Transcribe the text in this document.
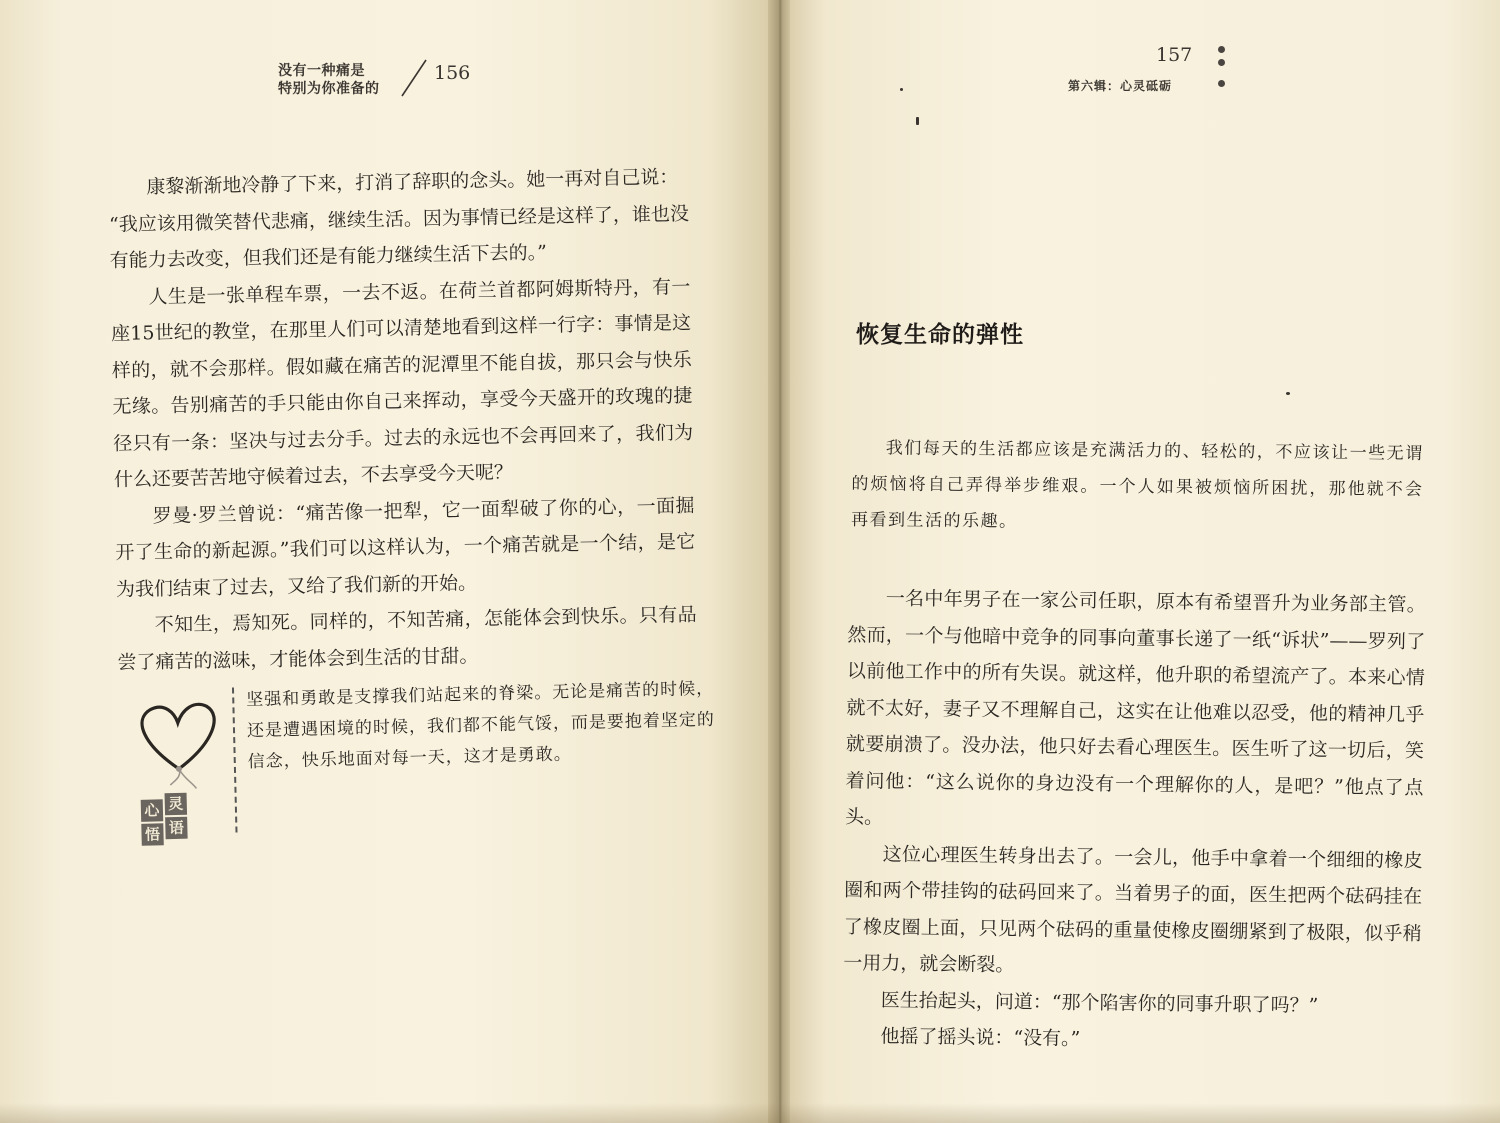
没有一种痛是
特别为你准备的
156

康黎渐渐地冷静了下来，打消了辞职的念头。她一再对自己说：

“我应该用微笑替代悲痛，继续生活。因为事情已经是这样了，谁也没有能力去改变，但我们还是有能力继续生活下去的。”

人生是一张单程车票，一去不返。在荷兰首都阿姆斯特丹，有一座15世纪的教堂，在那里人们可以清楚地看到这样一行字：事情是这样的，就不会那样。假如藏在痛苦的泥潭里不能自拔，那只会与快乐无缘。告别痛苦的手只能由你自己来挥动，享受今天盛开的玫瑰的捷径只有一条：坚决与过去分手。过去的永远也不会再回来了，我们为什么还要苦苦地守候着过去，不去享受今天呢？

罗曼·罗兰曾说：“痛苦像一把犁，它一面犁破了你的心，一面掘开了生命的新起源。”我们可以这样认为，一个痛苦就是一个结，是它为我们结束了过去，又给了我们新的开始。

不知生，焉知死。同样的，不知苦痛，怎能体会到快乐。只有品尝了痛苦的滋味，才能体会到生活的甘甜。

心 灵
悟 语
坚强和勇敢是支撑我们站起来的脊梁。无论是痛苦的时候，还是遭遇困境的时候，我们都不能气馁，而是要抱着坚定的信念，快乐地面对每一天，这才是勇敢。
157
第六辑：心灵砥砺
恢复生命的弹性

我们每天的生活都应该是充满活力的、轻松的，不应该让一些无谓的烦恼将自己弄得举步维艰。一个人如果被烦恼所困扰，那他就不会再看到生活的乐趣。

一名中年男子在一家公司任职，原本有希望晋升为业务部主管。然而，一个与他暗中竞争的同事向董事长递了一纸“诉状”——罗列了以前他工作中的所有失误。就这样，他升职的希望流产了。本来心情就不太好，妻子又不理解自己，这实在让他难以忍受，他的精神几乎就要崩溃了。没办法，他只好去看心理医生。医生听了这一切后，笑着问他：“这么说你的身边没有一个理解你的人，是吧？”他点了点头。

这位心理医生转身出去了。一会儿，他手中拿着一个细细的橡皮圈和两个带挂钩的砝码回来了。当着男子的面，医生把两个砝码挂在了橡皮圈上面，只见两个砝码的重量使橡皮圈绷紧到了极限，似乎稍一用力，就会断裂。

医生抬起头，问道：“那个陷害你的同事升职了吗？”

他摇了摇头说：“没有。”
